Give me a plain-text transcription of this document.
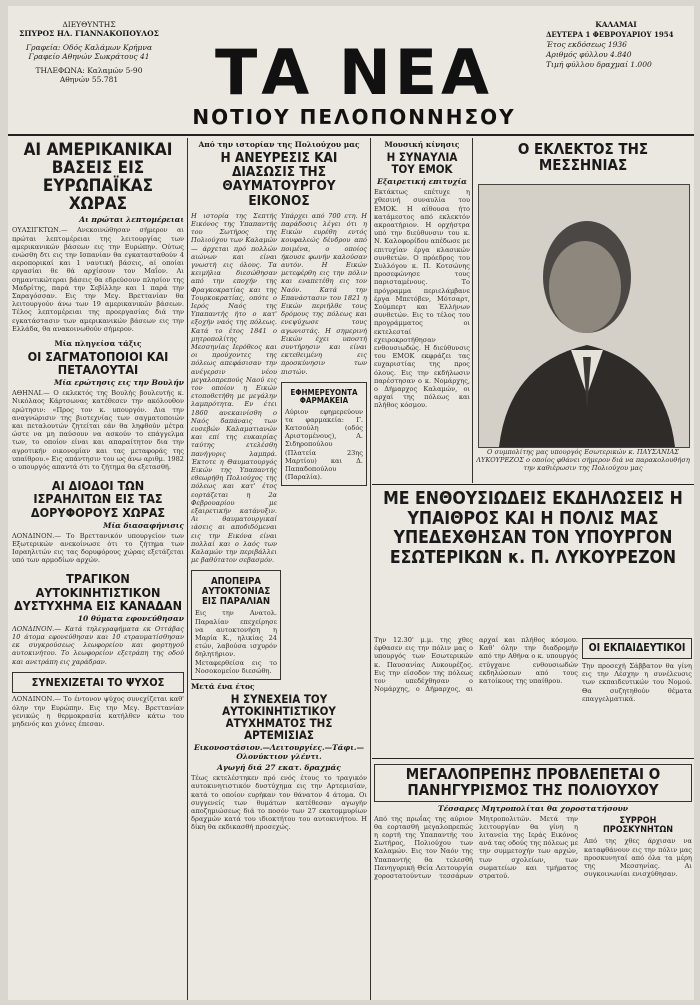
ΔΙΕΥΘΥΝΤΗΣ
ΣΠΥΡΟΣ ΗΛ. ΓΙΑΝΝΑΚΟΠΟΥΛΟΣ
Γραφεία: Οδός Καλάμων Κρήμνα
Γραφείο Αθηνών Σωκράτους 41
ΤΗΛΕΦΩΝΑ: Καλαμών 5-90
Αθηνών 55.781	ΤΑ ΝΕΑ
ΝΟΤΙΟΥ ΠΕΛΟΠΟΝΝΗΣΟΥ
ΚΑΛΑΜΑΙ
ΔΕΥΤΕΡΑ 1 ΦΕΒΡΟΥΑΡΙΟΥ 1954
Έτος εκδόσεως 1936
Αριθμός φύλλου 4.840
Τιμή φύλλου δραχμαί 1.000
ΑΙ ΑΜΕΡΙΚΑΝΙΚΑΙ ΒΑΣΕΙΣ ΕΙΣ ΕΥΡΩΠΑΪΚΑΣ ΧΩΡΑΣ
Αι πρώται λεπτομέρειαι

ΟΥΑΣΙΓΚΤΩΝ.— Ανεκοινώθησαν σήμερον αι πρώται λεπτομέρειαι της λειτουργίας των αμερικανικών βάσεων εις την Ευρώπην. Ούτως ενώσθη δτι εις την Ισπανίαν θα εγκατασταθούν 4 αεροπορικαί και 1 ναυτική βάσεις, αί οποίαι εργασίαι θε θά αρχίσουν τον Μαΐον. Αι σημαντικώτεραι βάσεις θα εδρεύσουν πλησίον της Μαδρίτης, παρά την Σεβίλλην και 1 παρά την Σαραγόσσαν. Εις την Μεγ. Βρεττανίαν θα λειτουργούν άνω των 19 αμερικανικών βάσεων. Τέλος λεπτομέρειαι της προεργασίας διά την εγκατάστασιν των αμερικανικών βάσεων εις την Ελλάδα, θα ανακοινωθούν σήμερον.

Μία πληγείσα τάξις
ΟΙ ΣΑΓΜΑΤΟΠΟΙΟΙ ΚΑΙ ΠΕΤΑΛΟΥΤΑΙ
Μία ερώτησις εις την Βουλήν

ΑΘΗΝΑΙ.— Ο εκλεκτός της Βουλής βουλευτής κ. Νικόλαος Κάρτσωνας κατέθεσεν την ακόλουθον ερώτησιν: «Προς τον κ. υπουργόν. Δια την αναγνώρισιν της βιοτεχνίας των σαγματοποιών και πεταλουτών ζητείται εάν θα ληφθούν μέτρα ώστε να μη παύσουν να ασκούν το επάγγελμα των, το οποίον είναι και απαραίτητον δια την αγροτικήν οικονομίαν και τας μεταφοράς της υπαίθρου.» Εις απάντησιν του ως άνω αριθμ. 1982 ο υπουργός απαντά ότι το ζήτημα θα εξετασθή.

ΑΙ ΔΙΟΔΟΙ ΤΩΝ ΙΣΡΑΗΛΙΤΩΝ ΕΙΣ ΤΑΣ ΔΟΡΥΦΟΡΟΥΣ ΧΩΡΑΣ
Μία διασαφήνισις

ΛΟΝΔΙΝΟΝ.— Το Βρεττανικόν υπουργείον των Εξωτερικών ανεκοίνωσε ότι το ζήτημα των Ισραηλιτών εις τας δορυφόρους χώρας εξετάζεται υπό των αρμοδίων αρχών.

ΤΡΑΓΙΚΟΝ ΑΥΤΟΚΙΝΗΤΙΣΤΙΚΟΝ ΔΥΣΤΥΧΗΜΑ ΕΙΣ ΚΑΝΑΔΑΝ
10 θύματα εφονεύθησαν

ΛΟΝΔΙΝΟΝ.— Κατά τηλεγραφήματα εκ Οττάβας 10 άτομα εφονεύθησαν και 10 ετραυματίσθησαν εκ συγκρούσεως λεωφορείου και φορτηγού αυτοκινήτου. Το λεωφορείον εξετράπη της οδού και ανετράπη εις χαράδραν.

ΣΥΝΕΧΙΖΕΤΑΙ ΤΟ ΨΥΧΟΣ

ΛΟΝΔΙΝΟΝ.— Το έντονον ψύχος συνεχίζεται καθ' όλην την Ευρώπην. Εις την Μεγ. Βρεττανίαν γενικώς η θερμοκρασία κατήλθεν κάτω του μηδενός και χιόνες έπεσαν.

Από την ιστορίαν της Πολιούχου μας
Η ΑΝΕΥΡΕΣΙΣ ΚΑΙ ΔΙΑΣΩΣΙΣ ΤΗΣ ΘΑΥΜΑΤΟΥΡΓΟΥ ΕΙΚΟΝΟΣ

Η ιστορία της Σεπτής Εικόνος της Υπαπαντής του Σωτήρος της Πολιούχου των Καλαμών — άρχεται πρό πολλών αιώνων και είναι γνωστή εις όλους. Τα κειμήλια διεσώθησαν από την εποχήν της Φραγκοκρατίας και της Τουρκοκρατίας, οπότε ο Ιερός Ναός της Υπαπαντής ήτο ο κατ' εξοχήν ναός της πόλεως. Κατά το έτος 1841 ο μητροπολίτης Μεσσηνίας Ιερόθεος και οι προύχοντες της πόλεως απεφάσισαν την ανέγερσιν νέου μεγαλοπρεπούς Ναού εις τον οποίον η Εικών ετοποθετήθη με μεγάλην λαμπρότητα. Εν έτει 1860 ανεκαινίσθη ο Ναός δαπάναις των ευσεβών Καλαματιανών και επί της ευκαιρίας ταύτης ετελέσθη πανήγυρις λαμπρά. Έκτοτε η Θαυματουργός Εικών της Υπαπαντής εθεωρήθη Πολιούχος της πόλεως και κατ' έτος εορτάζεται η 2α Φεβρουαρίου με εξαιρετικήν κατάνυξιν. Αι θαυματουργικαί ιάσεις αι αποδιδόμεναι εις την Εικόνα είναι πολλαί και ο λαός των Καλαμών την περιβάλλει με βαθύτατον σεβασμόν.

Υπάρχει από 700 ετη. Η παράδοσις λέγει ότι η Εικών ευρέθη εντός κουφαλεώς δένδρου από ποιμένα, ο οποίος ήκουσε φωνήν καλούσαν αυτόν. Η Εικών μετεφέρθη εις την πόλιν και εναπετέθη εις τον Ναόν. Κατά την Επανάστασιν του 1821 η Εικών περιήλθε τους δρόμους της πόλεως και ενεψύχωσε τους αγωνιστάς. Η σημερινή Εικών έχει υποστή συντήρησιν και είναι εκτεθειμένη εις προσκύνησιν των πιστών.

ΕΦΗΜΕΡΕΥΟΝΤΑ ΦΑΡΜΑΚΕΙΑ

Αύριον εφημερεύουν τα φαρμακεία: Γ. Κατσούλη (οδός Αριστομένους), Α. Σιδηροπούλου (Πλατεία 23ης Μαρτίου) και Δ. Παπαδοπούλου (Παραλία).

ΑΠΟΠΕΙΡΑ ΑΥΤΟΚΤΟΝΙΑΣ ΕΙΣ ΠΑΡΑΛΙΑΝ

Εις την Ανατολ. Παραλίαν επεχείρησε να αυτοκτονήση η Μαρία Κ., ηλικίας 24 ετών, λαβούσα ισχυρόν δηλητήριον. Μεταφερθείσα εις το Νοσοκομείον διεσώθη.

Μουσική κίνησις
Η ΣΥΝΑΥΛΙΑ ΤΟΥ ΕΜΟΚ
Εξαιρετική επιτυχία

Εκτάκτως επέτυχε η χθεσινή συναυλία του ΕΜΟΚ. Η αίθουσα ήτο κατάμεστος από εκλεκτόν ακροατήριον. Η ορχήστρα υπό την διεύθυνσιν του κ. Ν. Καλοφορίδου απέδωσε με επιτυχίαν έργα κλασικών συνθετών. Ο πρόεδρος του Συλλόγου κ. Π. Κοτσώνης προσεφώνησε τους παρισταμένους. Το πρόγραμμα περιελάμβανε έργα Μπετόβεν, Μότσαρτ, Σούμπερτ και Έλλήνων συνθετών. Εις το τέλος του προγράμματος οι εκτελεσταί εχειροκροτήθησαν ενθουσιωδώς. Η διεύθυνσις του ΕΜΟΚ εκφράζει τας ευχαριστίας της προς όλους. Εις την εκδήλωσιν παρέστησαν ο κ. Νομάρχης, ο Δήμαρχος Καλαμών, οι αρχαί της πόλεως και πλήθος κόσμου.

Μετά ένα έτος
Η ΣΥΝΕΧΕΙΑ ΤΟΥ ΑΥΤΟΚΙΝΗΤΙΣΤΙΚΟΥ ΑΤΥΧΗΜΑΤΟΣ ΤΗΣ ΑΡΤΕΜΙΣΙΑΣ
Εικονοστάσιον.—Λειτουργίες.—Τάφι.—Ολονύκτιον γλέντι.
Αγωγή διά 27 εκατ. δραχμάς

Τέως εκτελέστηκεν πρό ενός έτους το τραγικόν αυτοκινητιστικόν δυστύχημα εις την Αρτεμισίαν, κατά το οποίον ευρήκαν τον θάνατον 4 άτομα. Οι συγγενείς των θυμάτων κατέθεσαν αγωγήν αποζημιώσεως διά το ποσόν των 27 εκατομμυρίων δραχμών κατά του ιδιοκτήτου του αυτοκινήτου. Η δίκη θα εκδικασθή προσεχώς.

Ο ΕΚΛΕΚΤΟΣ ΤΗΣ ΜΕΣΣΗΝΙΑΣ

Ο συμπολίτης μας υπουργός Εσωτερικών κ. ΠΑΥΣΑΝΙΑΣ ΛΥΚΟΥΡΕΖΟΣ ο οποίος φθάνει σήμερον διά να παρακολουθήση την καθιέρωσιν της Πολιούχου μας

ΜΕ ΕΝΘΟΥΣΙΩΔΕΙΣ ΕΚΔΗΛΩΣΕΙΣ Η ΥΠΑΙΘΡΟΣ ΚΑΙ Η ΠΟΛΙΣ ΜΑΣ ΥΠΕΔΕΧΘΗΣΑΝ ΤΟΝ ΥΠΟΥΡΓΟΝ ΕΣΩΤΕΡΙΚΩΝ κ. Π. ΛΥΚΟΥΡΕΖΟΝ

Την 12.30' μ.μ. της χθες έφθασεν εις την πόλιν μας ο υπουργός των Εσωτερικών κ. Παυσανίας Λυκουρέζος. Εις την είσοδον της πόλεως τον υπεδέχθησαν ο Νομάρχης, ο Δήμαρχος, αι αρχαί και πλήθος κόσμου. Καθ' όλην την διαδρομήν από την Αθήνα ο κ. υπουργός ετύγχανε ενθουσιωδών εκδηλώσεων από τους κατοίκους της υπαίθρου.

ΟΙ ΕΚΠΑΙΔΕΥΤΙΚΟΙ

Την προσεχή Σάββατον θα γίνη εις την Λέσχην η συνέλευσις των εκπαιδευτικών του Νομού. Θα συζητηθούν θέματα επαγγελματικά.

ΜΕΓΑΛΟΠΡΕΠΗΣ ΠΡΟΒΛΕΠΕΤΑΙ Ο ΠΑΝΗΓΥΡΙΣΜΟΣ ΤΗΣ ΠΟΛΙΟΥΧΟΥ
Τέσσαρες Μητροπολίται θα χοροστατήσουν

Από της πρωΐας της αύριον θα εορτασθή μεγαλοπρεπώς η εορτή της Υπαπαντής του Σωτήρος, Πολιούχου των Καλαμών. Εις τον Ναόν της Υπαπαντής θα τελεσθή Πανηγυρική Θεία Λειτουργία χοροστατούντων τεσσάρων Μητροπολιτών. Μετά την λειτουργίαν θα γίνη η λιτανεία της Ιεράς Εικόνος ανά τας οδούς της πόλεως με την συμμετοχήν των αρχών, των σχολείων, των σωματείων και τμήματος στρατού.

ΣΥΡΡΟΗ ΠΡΟΣΚΥΝΗΤΩΝ

Από της χθες άρχισαν να καταφθάνουν εις την πόλιν μας προσκυνηταί από όλα τα μέρη της Μεσσηνίας. Αι συγκοινωνίαι ενισχύθησαν.
